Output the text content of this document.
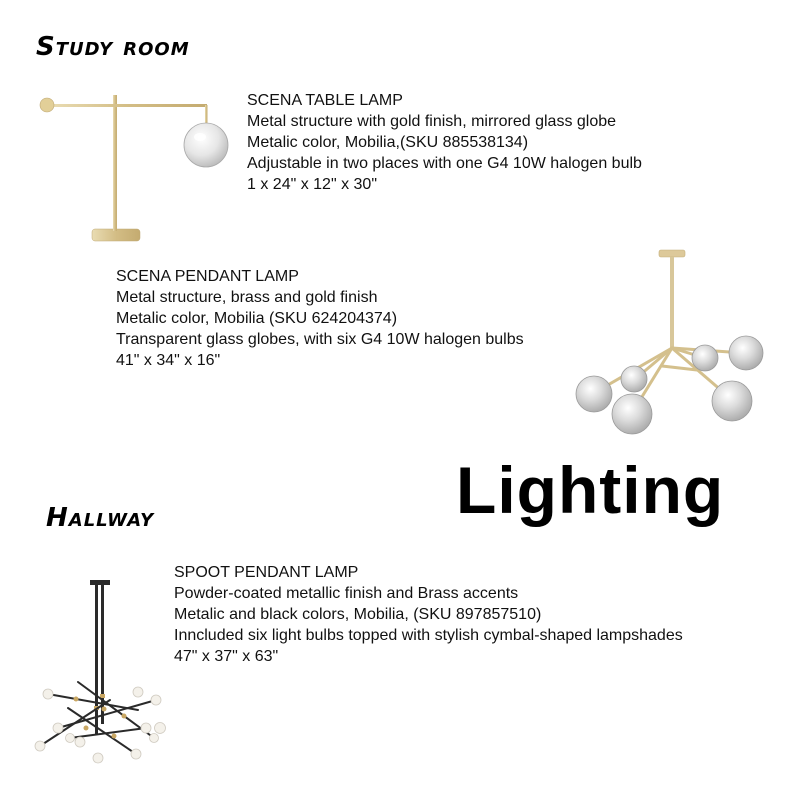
Study room
Hallway	Lighting
SCENA TABLE LAMP
Metal structure with gold finish, mirrored glass globe
Metalic color, Mobilia,(SKU 885538134)
Adjustable in two places with one G4 10W halogen bulb
1 x 24" x 12" x 30"
SCENA PENDANT LAMP
Metal structure, brass and gold finish
Metalic color, Mobilia (SKU 624204374)
Transparent glass globes, with six G4 10W halogen bulbs
41" x 34" x 16"
SPOOT PENDANT LAMP
Powder-coated metallic finish and Brass accents
Metalic and black colors, Mobilia, (SKU 897857510)
Inncluded six light bulbs topped with stylish cymbal-shaped lampshades
47" x 37" x 63"
